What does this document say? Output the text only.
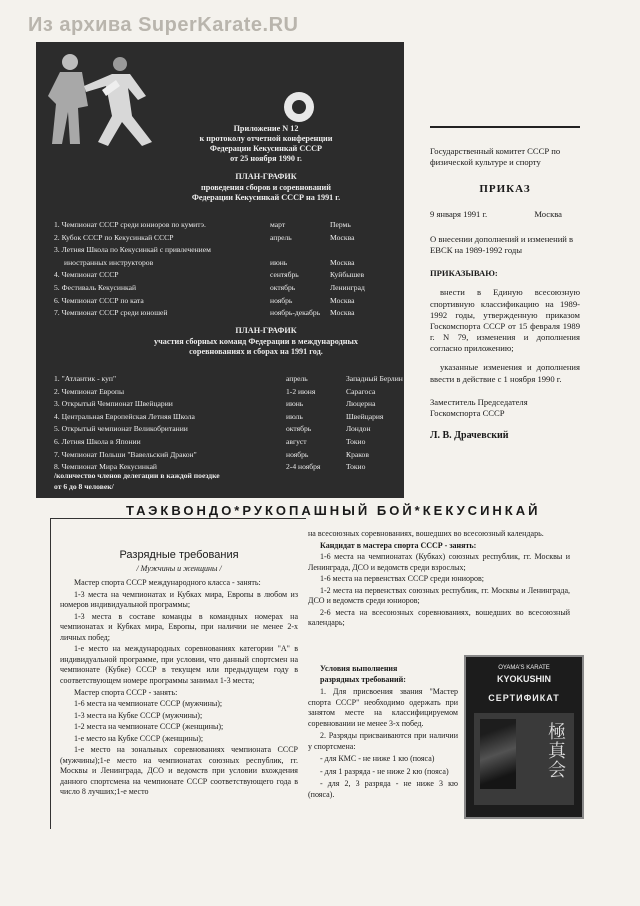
Из архива SuperKarate.RU
Приложение N 12
к протоколу отчетной конференции
Федерации Кекусинкай СССР
от 25 ноября 1990 г.
ПЛАН-ГРАФИК
проведения сборов и соревнований
Федерации Кекусинкай СССР на 1991 г.
1. Чемпионат СССР среди юниоров по кумитэ.	март	Пермь
2. Кубок СССР по Кекусинкай СССР	апрель	Москва
3. Летняя Школа по Кекусинкай с привлечением
иностранных инструкторов	июнь	Москва
4. Чемпионат СССР	сентябрь	Куйбышев
5. Фестиваль Кекусинкай	октябрь	Ленинград
6. Чемпионат СССР по ката	ноябрь	Москва
7. Чемпионат СССР среди юношей	ноябрь-декабрь Москва
ПЛАН-ГРАФИК
участия сборных команд Федерации в международных
соревнованиях и сборах на 1991 год.
1. "Атлантик - куп"	апрель	Западный Берлин
2. Чемпионат Европы	1-2 июня	Сарагоса
3. Открытый Чемпионат Швейцарии	июнь	Люцерна
4. Центральная Европейская Летняя Школа	июль	Швейцария
5. Открытый чемпионат Великобритании	октябрь	Лондон
6. Летняя Школа в Японии	август	Токио
7. Чемпионат Польши "Вавельский Дракон"	ноябрь	Краков
8. Чемпионат Мира Кекусинкай	2-4 ноября	Токио
/количество членов делегации в каждой поездке
от 6 до 8 человек/

Государственный комитет СССР по физической культуре и спорту

ПРИКАЗ

9 января 1991 г.	Москва

О внесении дополнений и изменений в ЕВСК на 1989-1992 годы

ПРИКАЗЫВАЮ:

внести в Единую всесоюзную спортивную классификацию на 1989-1992 годы, утвержденную приказом Госкомспорта СССР от 15 февраля 1989 г. N 79, изменения и дополнения согласно приложению;

указанные изменения и дополнения ввести в действие с 1 ноября 1990 г.

Заместитель Председателя Госкомспорта СССР

Л. В. Драчевский

ТАЭКВОНДО*РУКОПАШНЫЙ БОЙ*КЕКУСИНКАЙ
Разрядные требования
/ Мужчины и женщины /

Мастер спорта СССР международного класса - занять:

1-3 места на чемпионатах и Кубках мира, Европы в любом из номеров индивидуальной программы;

1-3 места в составе команды в командных номерах на чемпионатах и Кубках мира, Европы, при наличии не менее 2-х личных побед;

1-е место на международных соревнованиях категории "А" в индивидуальной программе, при условии, что данный спортсмен на чемпионате (Кубке) СССР в текущем или предыдущем году в соответствующем номере программы занимал 1-3 места;

Мастер спорта СССР - занять:

1-6 места на чемпионате СССР (мужчины);

1-3 места на Кубке СССР (мужчины);

1-2 места на чемпионате СССР (женщины);

1-е место на Кубке СССР (женщины);

1-е место на зональных соревнованиях чемпионата СССР (мужчины);1-е место на чемпионатах союзных республик, гг. Москвы и Ленинграда, ДСО и ведомств при условии вхождения данного спортсмена на чемпионате СССР соответствующего года в число 8 лучших;1-е место

на всесоюзных соревнованиях, вошедших во всесоюзный календарь.

Кандидат в мастера спорта СССР - занять:

1-6 места на чемпионатах (Кубках) союзных республик, гг. Москвы и Ленинграда, ДСО и ведомств среди взрослых;

1-6 места на первенствах СССР среди юниоров;

1-2 места на первенствах союзных республик, гг. Москвы и Ленинграда, ДСО и ведомств среди юниоров;

2-6 места на всесоюзных соревнованиях, вошедших во всесоюзный календарь;

Условия выполнения

разрядных требований:

1. Для присвоения звания "Мастер спорта СССР" необходимо одержать при занятом месте на классифицируемом соревновании не менее 3-х побед.

2. Разряды присваиваются при наличии у спортсмена:

- для КМС - не ниже 1 кю (пояса)

- для 1 разряда - не ниже 2 кю (пояса)

- для 2, 3 разряда - не ниже 3 кю (пояса).

OYAMA'S KARATE
KYOKUSHIN
СЕРТИФИКАТ
極真会
